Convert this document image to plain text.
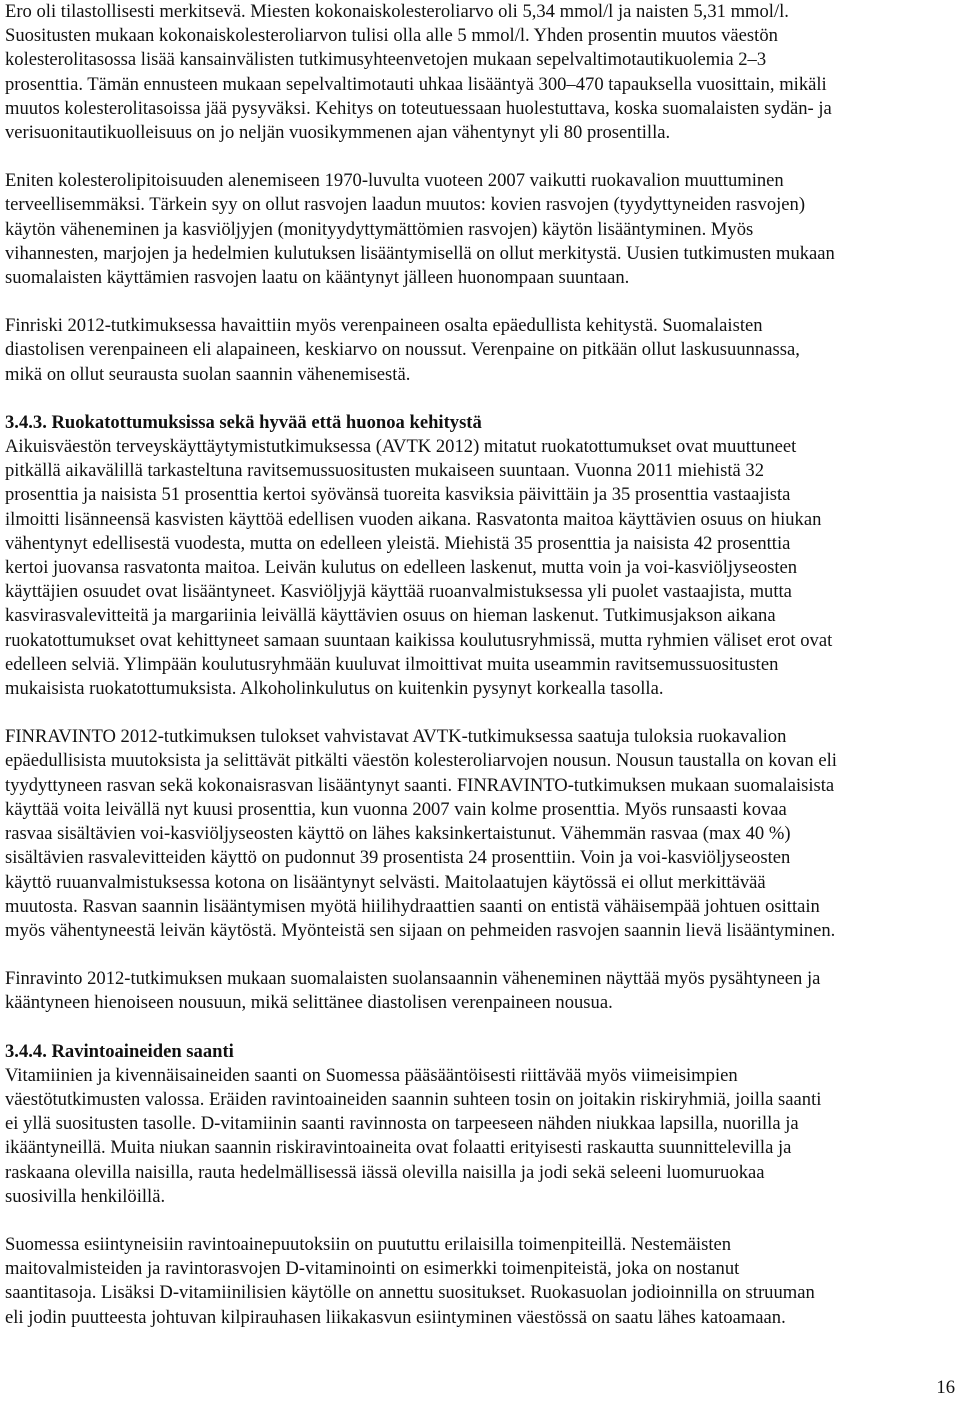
Ero oli tilastollisesti merkitsevä. Miesten kokonaiskolesteroliarvo oli 5,34 mmol/l ja naisten 5,31 mmol/l.
Suositusten mukaan kokonaiskolesteroliarvon tulisi olla alle 5 mmol/l. Yhden prosentin muutos väestön
kolesterolitasossa lisää kansainvälisten tutkimusyhteenvetojen mukaan sepelvaltimotautikuolemia 2–3
prosenttia. Tämän ennusteen mukaan sepelvaltimotauti uhkaa lisääntyä 300–470 tapauksella vuosittain, mikäli
muutos kolesterolitasoissa jää pysyväksi. Kehitys on toteutuessaan huolestuttava, koska suomalaisten sydän- ja
verisuonitautikuolleisuus on jo neljän vuosikymmenen ajan vähentynyt yli 80 prosentilla.
Eniten kolesterolipitoisuuden alenemiseen 1970-luvulta vuoteen 2007 vaikutti ruokavalion muuttuminen
terveellisemmäksi. Tärkein syy on ollut rasvojen laadun muutos: kovien rasvojen (tyydyttyneiden rasvojen)
käytön väheneminen ja kasviöljyjen (monityydyttymättömien rasvojen) käytön lisääntyminen. Myös
vihannesten, marjojen ja hedelmien kulutuksen lisääntymisellä on ollut merkitystä. Uusien tutkimusten mukaan
suomalaisten käyttämien rasvojen laatu on kääntynyt jälleen huonompaan suuntaan.
Finriski 2012-tutkimuksessa havaittiin myös verenpaineen osalta epäedullista kehitystä. Suomalaisten
diastolisen verenpaineen eli alapaineen, keskiarvo on noussut. Verenpaine on pitkään ollut laskusuunnassa,
mikä on ollut seurausta suolan saannin vähenemisestä.
3.4.3. Ruokatottumuksissa sekä hyvää että huonoa kehitystä
Aikuisväestön terveyskäyttäytymistutkimuksessa (AVTK 2012) mitatut ruokatottumukset ovat muuttuneet
pitkällä aikavälillä tarkasteltuna ravitsemussuositusten mukaiseen suuntaan. Vuonna 2011 miehistä 32
prosenttia ja naisista 51 prosenttia kertoi syövänsä tuoreita kasviksia päivittäin ja 35 prosenttia vastaajista
ilmoitti lisänneensä kasvisten käyttöä edellisen vuoden aikana. Rasvatonta maitoa käyttävien osuus on hiukan
vähentynyt edellisestä vuodesta, mutta on edelleen yleistä. Miehistä 35 prosenttia ja naisista 42 prosenttia
kertoi juovansa rasvatonta maitoa. Leivän kulutus on edelleen laskenut, mutta voin ja voi-kasviöljyseosten
käyttäjien osuudet ovat lisääntyneet. Kasviöljyjä käyttää ruoanvalmistuksessa yli puolet vastaajista, mutta
kasvirasvalevitteitä ja margariinia leivällä käyttävien osuus on hieman laskenut. Tutkimusjakson aikana
ruokatottumukset ovat kehittyneet samaan suuntaan kaikissa koulutusryhmissä, mutta ryhmien väliset erot ovat
edelleen selviä. Ylimpään koulutusryhmään kuuluvat ilmoittivat muita useammin ravitsemussuositusten
mukaisista ruokatottumuksista. Alkoholinkulutus on kuitenkin pysynyt korkealla tasolla.
FINRAVINTO 2012-tutkimuksen tulokset vahvistavat AVTK-tutkimuksessa saatuja tuloksia ruokavalion
epäedullisista muutoksista ja selittävät pitkälti väestön kolesteroliarvojen nousun. Nousun taustalla on kovan eli
tyydyttyneen rasvan sekä kokonaisrasvan lisääntynyt saanti. FINRAVINTO-tutkimuksen mukaan suomalaisista
käyttää voita leivällä nyt kuusi prosenttia, kun vuonna 2007 vain kolme prosenttia. Myös runsaasti kovaa
rasvaa sisältävien voi-kasviöljyseosten käyttö on lähes kaksinkertaistunut. Vähemmän rasvaa (max 40 %)
sisältävien rasvalevitteiden käyttö on pudonnut 39 prosentista 24 prosenttiin. Voin ja voi-kasviöljyseosten
käyttö ruuanvalmistuksessa kotona on lisääntynyt selvästi. Maitolaatujen käytössä ei ollut merkittävää
muutosta. Rasvan saannin lisääntymisen myötä hiilihydraattien saanti on entistä vähäisempää johtuen osittain
myös vähentyneestä leivän käytöstä. Myönteistä sen sijaan on pehmeiden rasvojen saannin lievä lisääntyminen.
Finravinto 2012-tutkimuksen mukaan suomalaisten suolansaannin väheneminen näyttää myös pysähtyneen ja
kääntyneen hienoiseen nousuun, mikä selittänee diastolisen verenpaineen nousua.
3.4.4. Ravintoaineiden saanti
Vitamiinien ja kivennäisaineiden saanti on Suomessa pääsääntöisesti riittävää myös viimeisimpien
väestötutkimusten valossa. Eräiden ravintoaineiden saannin suhteen tosin on joitakin riskiryhmiä, joilla saanti
ei yllä suositusten tasolle. D-vitamiinin saanti ravinnosta on tarpeeseen nähden niukkaa lapsilla, nuorilla ja
ikääntyneillä. Muita niukan saannin riskiravintoaineita ovat folaatti erityisesti raskautta suunnittelevilla ja
raskaana olevilla naisilla, rauta hedelmällisessä iässä olevilla naisilla ja jodi sekä seleeni luomuruokaa
suosivilla henkilöillä.
Suomessa esiintyneisiin ravintoainepuutoksiin on puututtu erilaisilla toimenpiteillä. Nestemäisten
maitovalmisteiden ja ravintorasvojen D-vitaminointi on esimerkki toimenpiteistä, joka on nostanut
saantitasoja. Lisäksi D-vitamiinilisien käytölle on annettu suositukset. Ruokasuolan jodioinnilla on struuman
eli jodin puutteesta johtuvan kilpirauhasen liikakasvun esiintyminen väestössä on saatu lähes katoamaan.
16
